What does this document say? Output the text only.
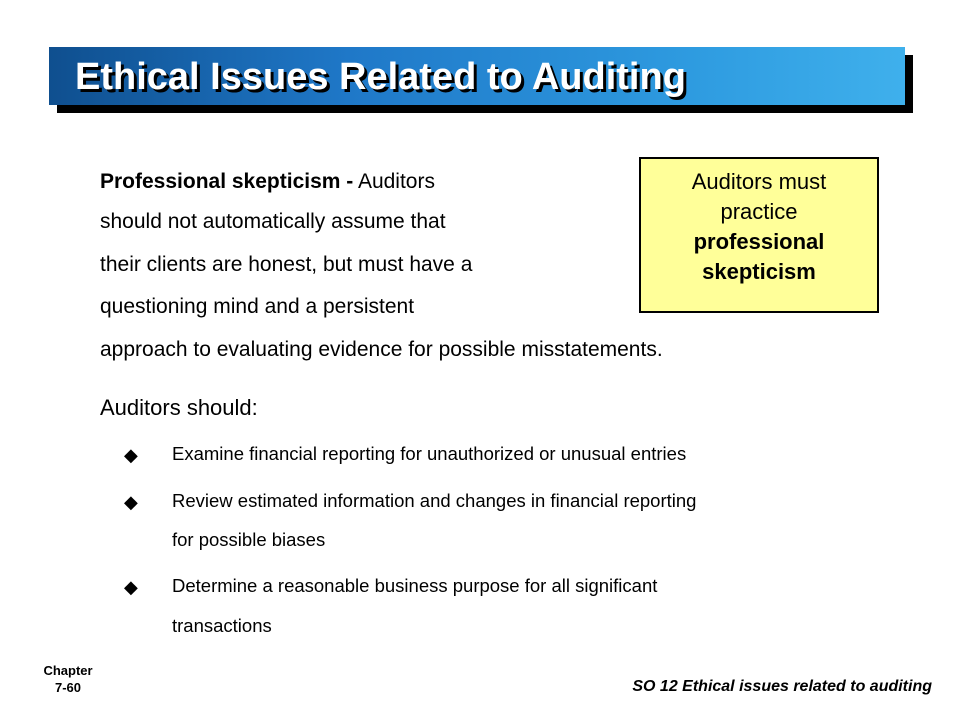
Ethical Issues Related to Auditing
Professional skepticism - Auditors
should not automatically assume that
their clients are honest, but must have a
questioning mind and a persistent
approach to evaluating evidence for possible misstatements.
Auditors must
practice
professional
skepticism
Auditors should:
◆ Examine financial reporting for unauthorized or unusual entries
◆ Review estimated information and changes in financial reporting
for possible biases
◆ Determine a reasonable business purpose for all significant
transactions
Chapter
7-60	SO 12 Ethical issues related to auditing
